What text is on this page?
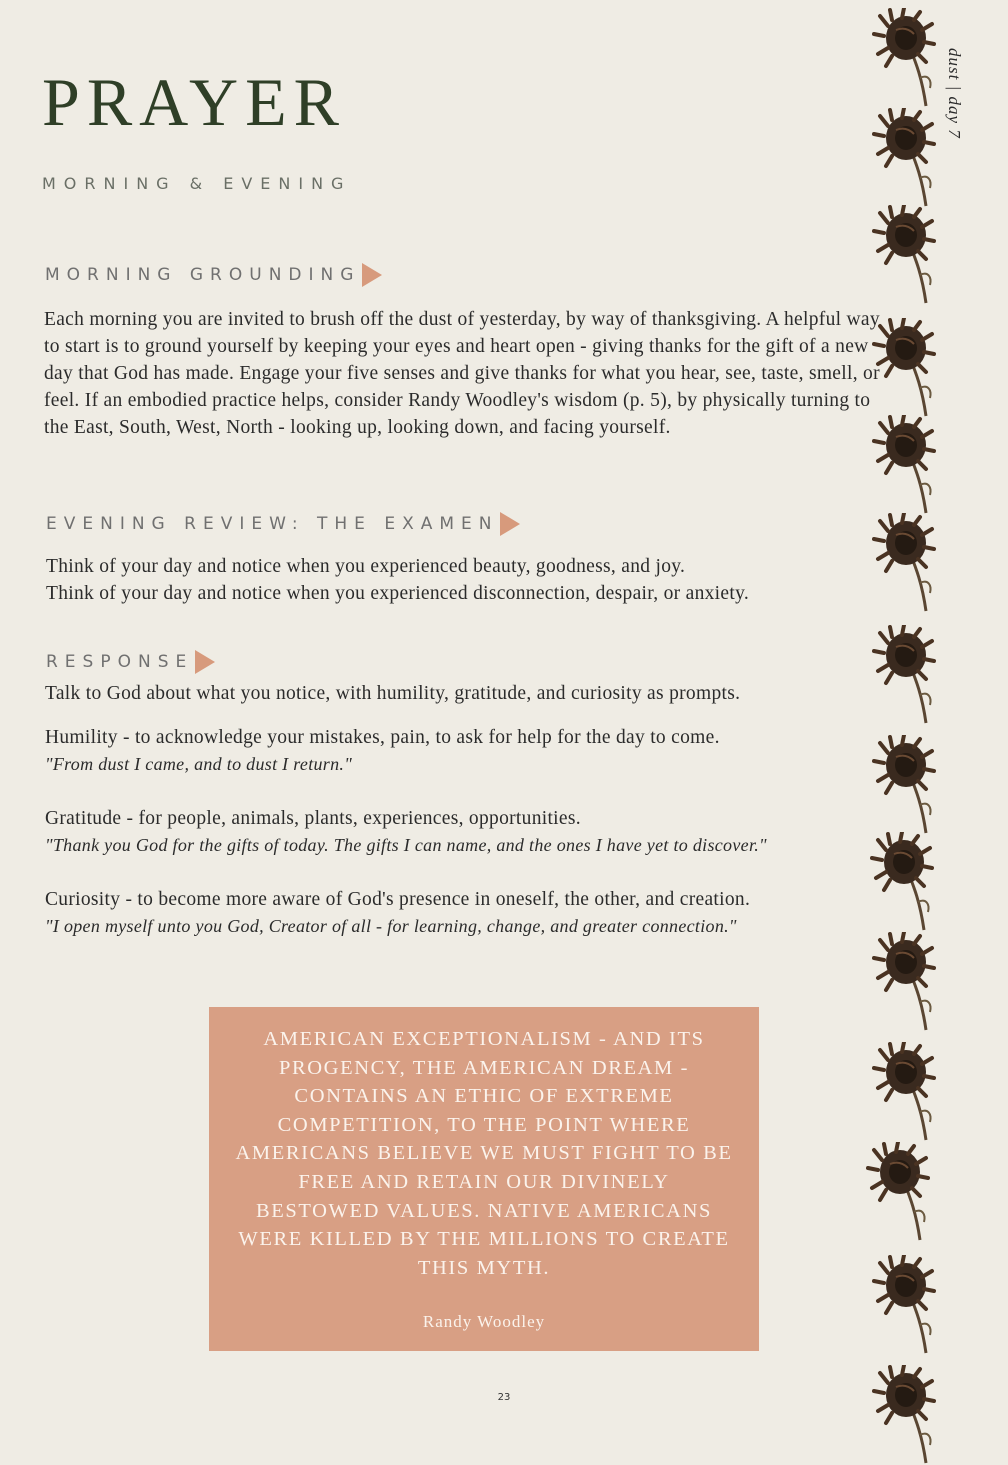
PRAYER
MORNING & EVENING
MORNING GROUNDING

Each morning you are invited to brush off the dust of yesterday, by way of thanksgiving. A helpful way to start is to ground yourself by keeping your eyes and heart open - giving thanks for the gift of a new day that God has made. Engage your five senses and give thanks for what you hear, see, taste, smell, or feel. If an embodied practice helps, consider Randy Woodley's wisdom (p. 5), by physically turning to the East, South, West, North - looking up, looking down, and facing yourself.

EVENING REVIEW: THE EXAMEN

Think of your day and notice when you experienced beauty, goodness, and joy.

Think of your day and notice when you experienced disconnection, despair, or anxiety.

RESPONSE

Talk to God about what you notice, with humility, gratitude, and curiosity as prompts.

Humility - to acknowledge your mistakes, pain, to ask for help for the day to come.

"From dust I came, and to dust I return."

Gratitude - for people, animals, plants, experiences, opportunities.

"Thank you God for the gifts of today. The gifts I can name, and the ones I have yet to discover."

Curiosity - to become more aware of God's presence in oneself, the other, and creation.

"I open myself unto you God, Creator of all - for learning, change, and greater connection."

AMERICAN EXCEPTIONALISM - AND ITS PROGENCY, THE AMERICAN DREAM - CONTAINS AN ETHIC OF EXTREME COMPETITION, TO THE POINT WHERE AMERICANS BELIEVE WE MUST FIGHT TO BE FREE AND RETAIN OUR DIVINELY BESTOWED VALUES. NATIVE AMERICANS WERE KILLED BY THE MILLIONS TO CREATE THIS MYTH.
Randy Woodley
23
dust | day 7
